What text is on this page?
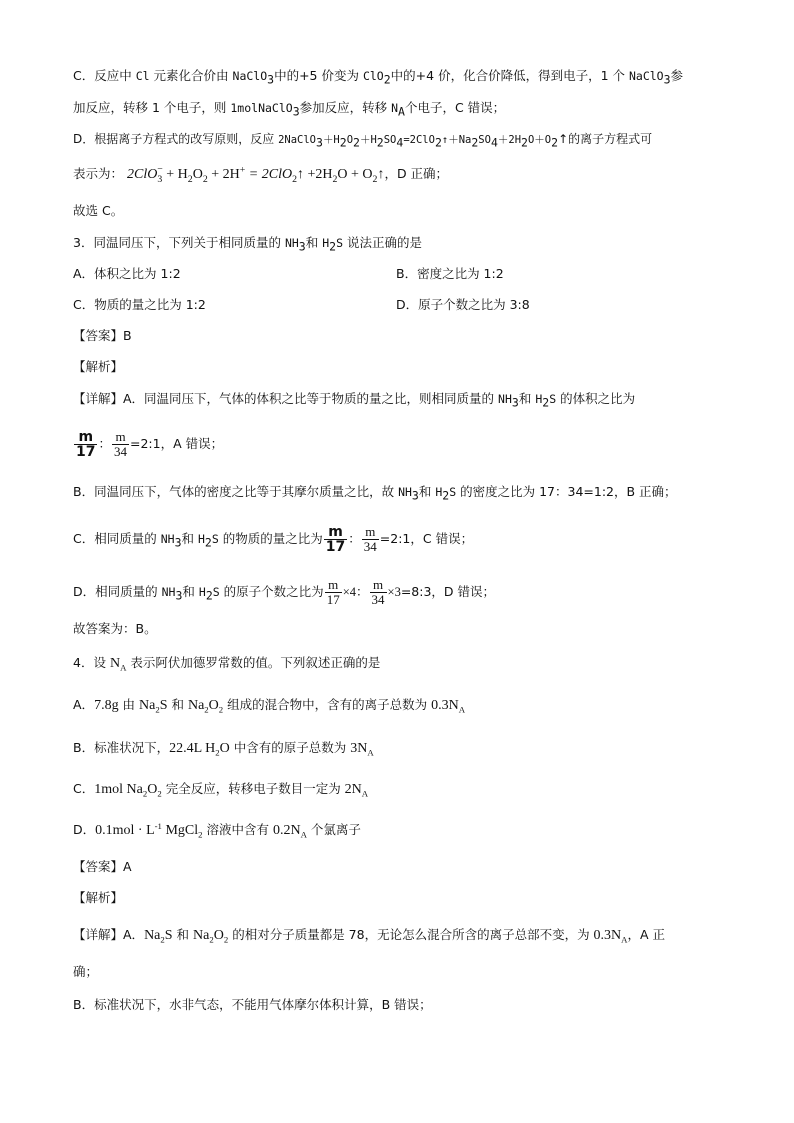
C．反应中 Cl 元素化合价由 NaClO$_3$中的+5 价变为 ClO$_2$中的+4 价，化合价降低，得到电子，1 个 NaClO$_3$参
加反应，转移 1 个电子，则 1molNaClO$_3$参加反应，转移 $N_A$个电子，C 错误；
D．根据离子方程式的改写原则，反应 $2NaClO_3+H_2O_2+H_2SO_4=2ClO_2↑+Na_2SO_4+2H_2O+O_2↑$的离子方程式可
表示为： $2ClO_3^- + H_2O_2 + 2H^+$ = 2ClO$_2$↑ $+2H_2O$ + $O_2↑$，D 正确；
故选 C。
3．同温同压下，下列关于相同质量的 $NH_3$和 $H_2S$ 说法正确的是
A．体积之比为 1:2	B．密度之比为 1:2
C．物质的量之比为 1:2	D．原子个数之比为 3:8
【答案】B
【解析】
【详解】A．同温同压下，气体的体积之比等于物质的量之比，则相同质量的 $NH_3$和 $H_2S$ 的体积之比为
$\frac{m}{17}$ ： $\frac{m}{34}$ =2:1，A 错误；
B．同温同压下，气体的密度之比等于其摩尔质量之比，故 $NH_3$和 $H_2S$ 的密度之比为 17：34=1:2，B 正确；
C．相同质量的 $NH_3$和 $H_2S$ 的物质的量之比为 $\frac{m}{17}$ ： $\frac{m}{34}$ =2:1，C 错误；
D．相同质量的 $NH_3$和 $H_2S$ 的原子个数之比为 $\frac{m}{17} \times 4$： $\frac{m}{34}$ ×3=8:3，D 错误；
故答案为：B。
4．设 $N_A$ 表示阿伏加德罗常数的值。下列叙述正确的是
A．7.8g 由 $Na_2S$ 和 $Na_2O_2$ 组成的混合物中，含有的离子总数为 $0.3N_A$
B．标准状况下，22.4L $H_2O$ 中含有的原子总数为 $3N_A$
C．1mol $Na_2O_2$ 完全反应，转移电子数目一定为 $2N_A$
D．$0.1mol \cdot L^{-1}$ MgCl$_2$ 溶液中含有 $0.2N_A$ 个氯离子
【答案】A
【解析】
【详解】A．$Na_2S$ 和 $Na_2O_2$ 的相对分子质量都是 78，无论怎么混合所含的离子总部不变，为 $0.3N_A$，A 正
确；
B．标准状况下，水非气态，不能用气体摩尔体积计算，B 错误；
